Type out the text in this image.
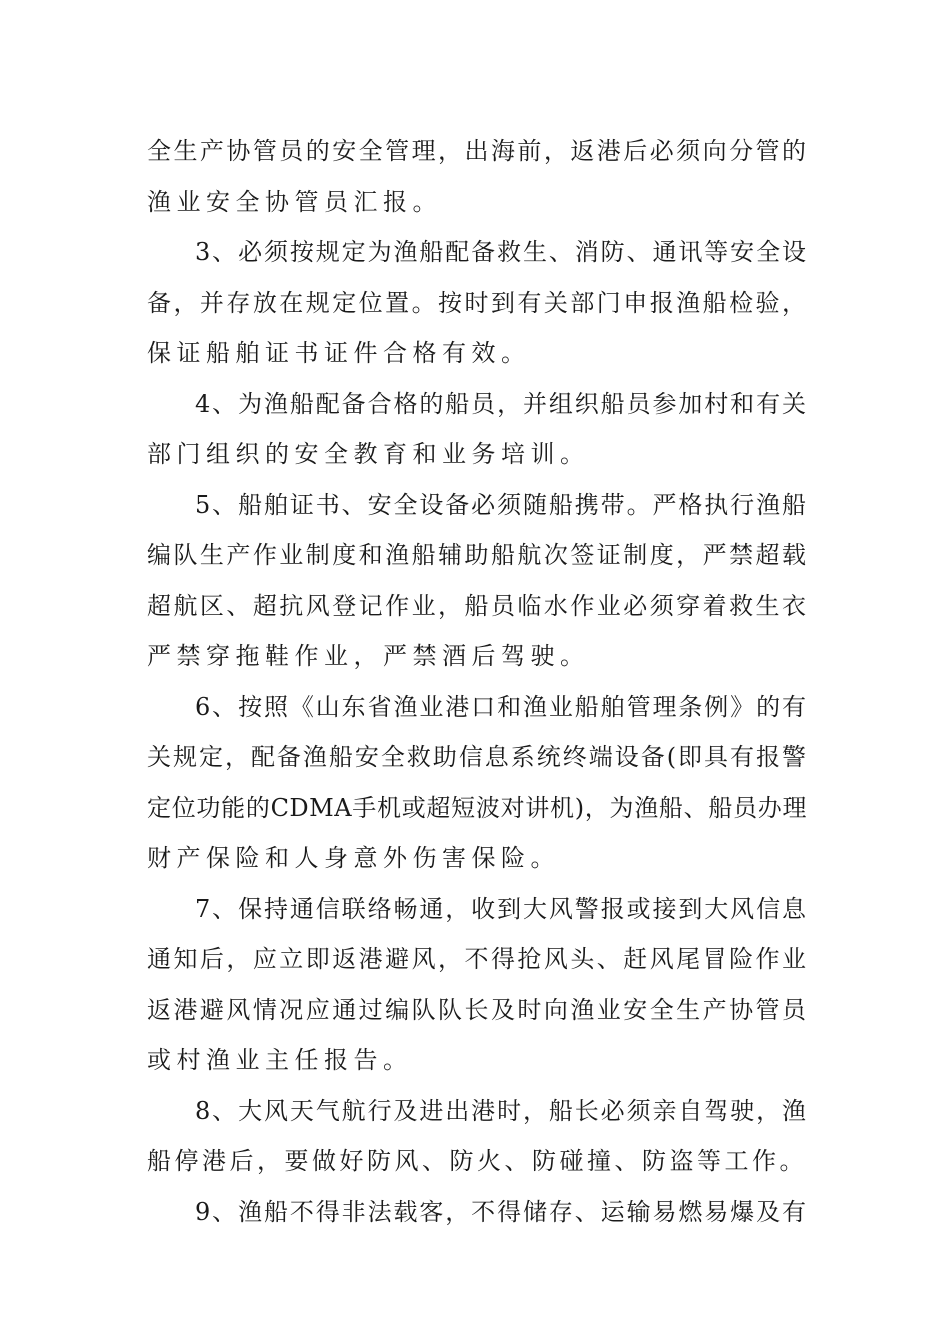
全生产协管员的安全管理，出海前，返港后必须向分管的
渔业安全协管员汇报。
3、必须按规定为渔船配备救生、消防、通讯等安全设
备，并存放在规定位置。按时到有关部门申报渔船检验，
保证船舶证书证件合格有效。
4、为渔船配备合格的船员，并组织船员参加村和有关
部门组织的安全教育和业务培训。
5、船舶证书、安全设备必须随船携带。严格执行渔船
编队生产作业制度和渔船辅助船航次签证制度，严禁超载
超航区、超抗风登记作业，船员临水作业必须穿着救生衣
严禁穿拖鞋作业，严禁酒后驾驶。
6、按照《山东省渔业港口和渔业船舶管理条例》的有
关规定，配备渔船安全救助信息系统终端设备(即具有报警
定位功能的CDMA手机或超短波对讲机)，为渔船、船员办理
财产保险和人身意外伤害保险。
7、保持通信联络畅通，收到大风警报或接到大风信息
通知后，应立即返港避风，不得抢风头、赶风尾冒险作业
返港避风情况应通过编队队长及时向渔业安全生产协管员
或村渔业主任报告。
8、大风天气航行及进出港时，船长必须亲自驾驶，渔
船停港后，要做好防风、防火、防碰撞、防盗等工作。
9、渔船不得非法载客，不得储存、运输易燃易爆及有
